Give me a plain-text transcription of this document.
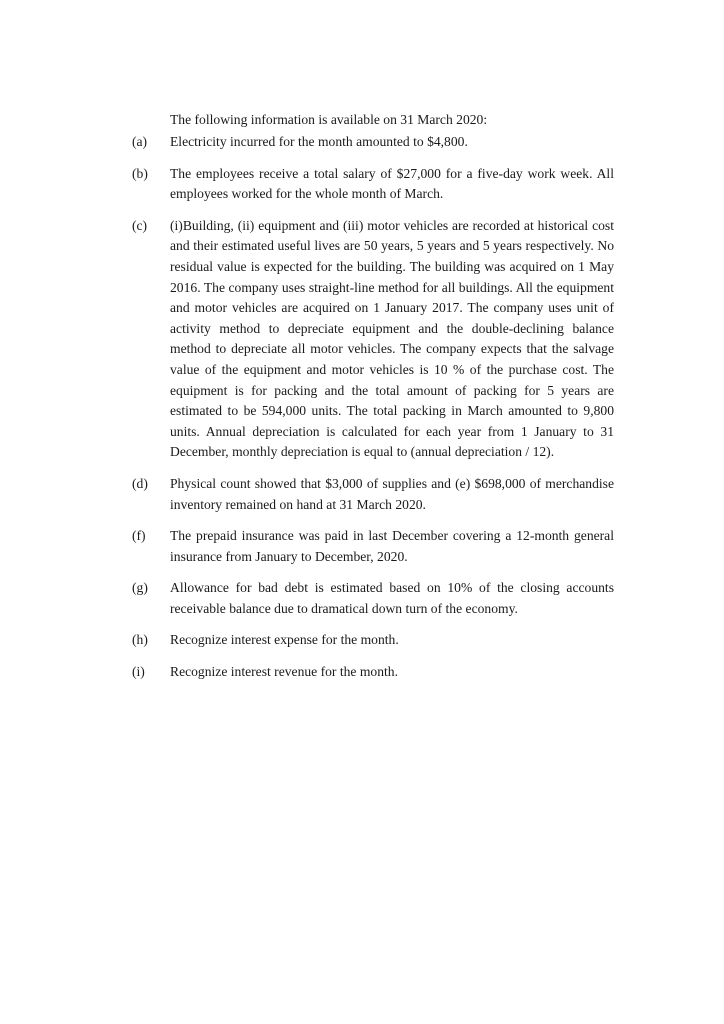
The following information is available on 31 March 2020:
(a)	Electricity incurred for the month amounted to $4,800.
(b)	The employees receive a total salary of $27,000 for a five-day work week. All employees worked for the whole month of March.
(c)	(i)Building, (ii) equipment and (iii) motor vehicles are recorded at historical cost and their estimated useful lives are 50 years, 5 years and 5 years respectively. No residual value is expected for the building. The building was acquired on 1 May 2016. The company uses straight-line method for all buildings. All the equipment and motor vehicles are acquired on 1 January 2017. The company uses unit of activity method to depreciate equipment and the double-declining balance method to depreciate all motor vehicles. The company expects that the salvage value of the equipment and motor vehicles is 10 % of the purchase cost. The equipment is for packing and the total amount of packing for 5 years are estimated to be 594,000 units. The total packing in March amounted to 9,800 units. Annual depreciation is calculated for each year from 1 January to 31 December, monthly depreciation is equal to (annual depreciation / 12).
(d)	Physical count showed that $3,000 of supplies and (e) $698,000 of merchandise inventory remained on hand at 31 March 2020.
(f)	The prepaid insurance was paid in last December covering a 12-month general insurance from January to December, 2020.
(g)	Allowance for bad debt is estimated based on 10% of the closing accounts receivable balance due to dramatical down turn of the economy.
(h)	Recognize interest expense for the month.
(i)	Recognize interest revenue for the month.
